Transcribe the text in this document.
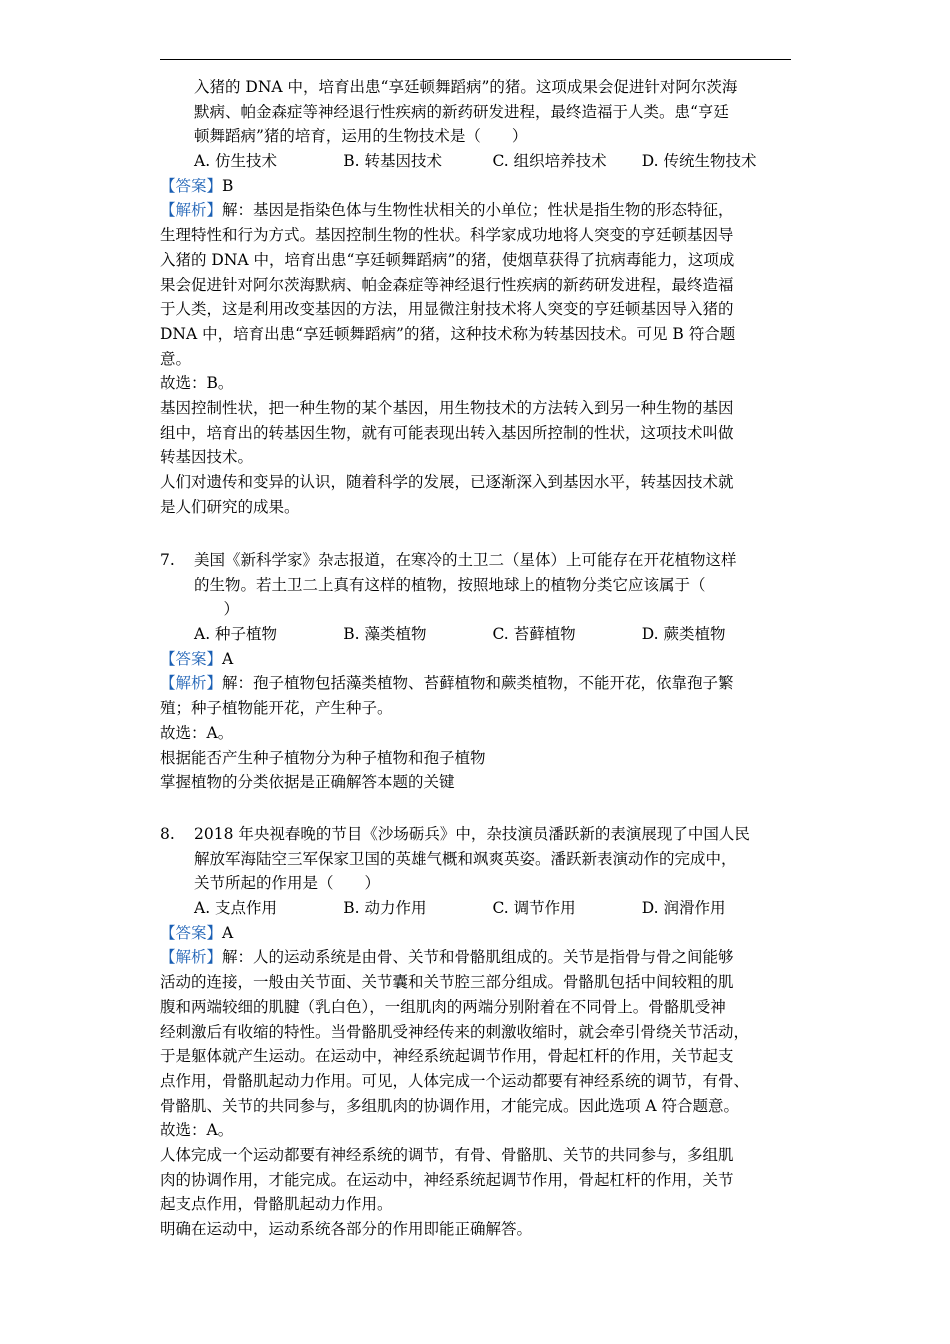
入猪的 DNA 中，培育出患“享廷顿舞蹈病”的猪。这项成果会促进针对阿尔茨海
默病、帕金森症等神经退行性疾病的新药研发进程，最终造福于人类。患“亨廷
顿舞蹈病”猪的培育，运用的生物技术是（　　）
A. 仿生技术	B. 转基因技术	C. 组织培养技术	D. 传统生物技术
【答案】B
【解析】解：基因是指染色体与生物性状相关的小单位；性状是指生物的形态特征，
生理特性和行为方式。基因控制生物的性状。科学家成功地将人突变的亨廷顿基因导
入猪的 DNA 中，培育出患“享廷顿舞蹈病”的猪，使烟草获得了抗病毒能力，这项成
果会促进针对阿尔茨海默病、帕金森症等神经退行性疾病的新药研发进程，最终造福
于人类，这是利用改变基因的方法，用显微注射技术将人突变的亨廷顿基因导入猪的
DNA 中，培育出患“享廷顿舞蹈病”的猪，这种技术称为转基因技术。可见 B 符合题
意。
故选：B。
基因控制性状，把一种生物的某个基因，用生物技术的方法转入到另一种生物的基因
组中，培育出的转基因生物，就有可能表现出转入基因所控制的性状，这项技术叫做
转基因技术。
人们对遗传和变异的认识，随着科学的发展，已逐渐深入到基因水平，转基因技术就
是人们研究的成果。
7. 美国《新科学家》杂志报道，在寒冷的土卫二（星体）上可能存在开花植物这样
的生物。若土卫二上真有这样的植物，按照地球上的植物分类它应该属于（
　）
A. 种子植物	B. 藻类植物	C. 苔藓植物	D. 蕨类植物
【答案】A
【解析】解：孢子植物包括藻类植物、苔藓植物和蕨类植物，不能开花，依靠孢子繁
殖；种子植物能开花，产生种子。
故选：A。
根据能否产生种子植物分为种子植物和孢子植物
掌握植物的分类依据是正确解答本题的关键
8. 2018 年央视春晚的节目《沙场砺兵》中，杂技演员潘跃新的表演展现了中国人民
解放军海陆空三军保家卫国的英雄气概和飒爽英姿。潘跃新表演动作的完成中，
关节所起的作用是（　　）
A. 支点作用	B. 动力作用	C. 调节作用	D. 润滑作用
【答案】A
【解析】解：人的运动系统是由骨、关节和骨骼肌组成的。关节是指骨与骨之间能够
活动的连接，一般由关节面、关节囊和关节腔三部分组成。骨骼肌包括中间较粗的肌
腹和两端较细的肌腱（乳白色），一组肌肉的两端分别附着在不同骨上。骨骼肌受神
经刺激后有收缩的特性。当骨骼肌受神经传来的刺激收缩时，就会牵引骨绕关节活动，
于是躯体就产生运动。在运动中，神经系统起调节作用，骨起杠杆的作用，关节起支
点作用，骨骼肌起动力作用。可见，人体完成一个运动都要有神经系统的调节，有骨、
骨骼肌、关节的共同参与，多组肌肉的协调作用，才能完成。因此选项 A 符合题意。
故选：A。
人体完成一个运动都要有神经系统的调节，有骨、骨骼肌、关节的共同参与，多组肌
肉的协调作用，才能完成。在运动中，神经系统起调节作用，骨起杠杆的作用，关节
起支点作用，骨骼肌起动力作用。
明确在运动中，运动系统各部分的作用即能正确解答。
